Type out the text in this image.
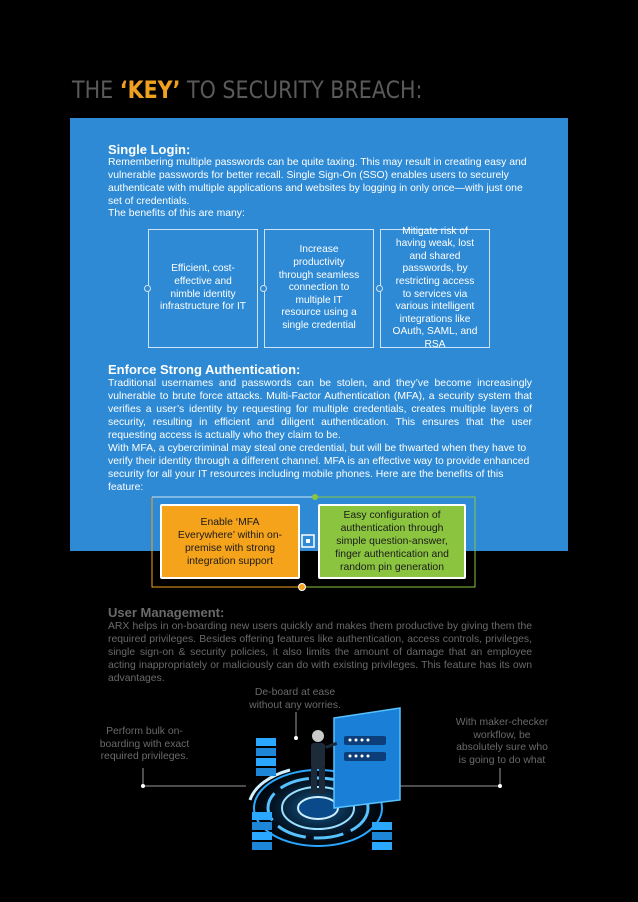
THE ‘KEY’ TO SECURITY BREACH:
Single Login:
Remembering multiple passwords can be quite taxing. This may result in creating easy and vulnerable passwords for better recall. Single Sign-On (SSO) enables users to securely authenticate with multiple applications and websites by logging in only once—with just one set of credentials.
The benefits of this are many:
Efficient, cost-effective and nimble identity infrastructure for IT
Increase productivity through seamless connection to multiple IT resource using a single credential
Mitigate risk of having weak, lost and shared passwords, by restricting access to services via various intelligent integrations like OAuth, SAML, and RSA
Enforce Strong Authentication:
Traditional usernames and passwords can be stolen, and they’ve become increasingly vulnerable to brute force attacks. Multi-Factor Authentication (MFA), a security system that verifies a user’s identity by requesting for multiple credentials, creates multiple layers of security, resulting in efficient and diligent authentication. This ensures that the user requesting access is actually who they claim to be.
With MFA, a cybercriminal may steal one credential, but will be thwarted when they have to verify their identity through a different channel. MFA is an effective way to provide enhanced security for all your IT resources including mobile phones. Here are the benefits of this feature:
Enable ‘MFA Everywhere’ within on-premise with strong integration support
Easy configuration of authentication through simple question-answer, finger authentication and random pin generation
User Management:
ARX helps in on-boarding new users quickly and makes them productive by giving them the required privileges. Besides offering features like authentication, access controls, privileges, single sign-on & security policies, it also limits the amount of damage that an employee acting inappropriately or maliciously can do with existing privileges. This feature has its own advantages.
De-board at ease without any worries.
Perform bulk on-boarding with exact required privileges.
With maker-checker workflow, be absolutely sure who is going to do what
